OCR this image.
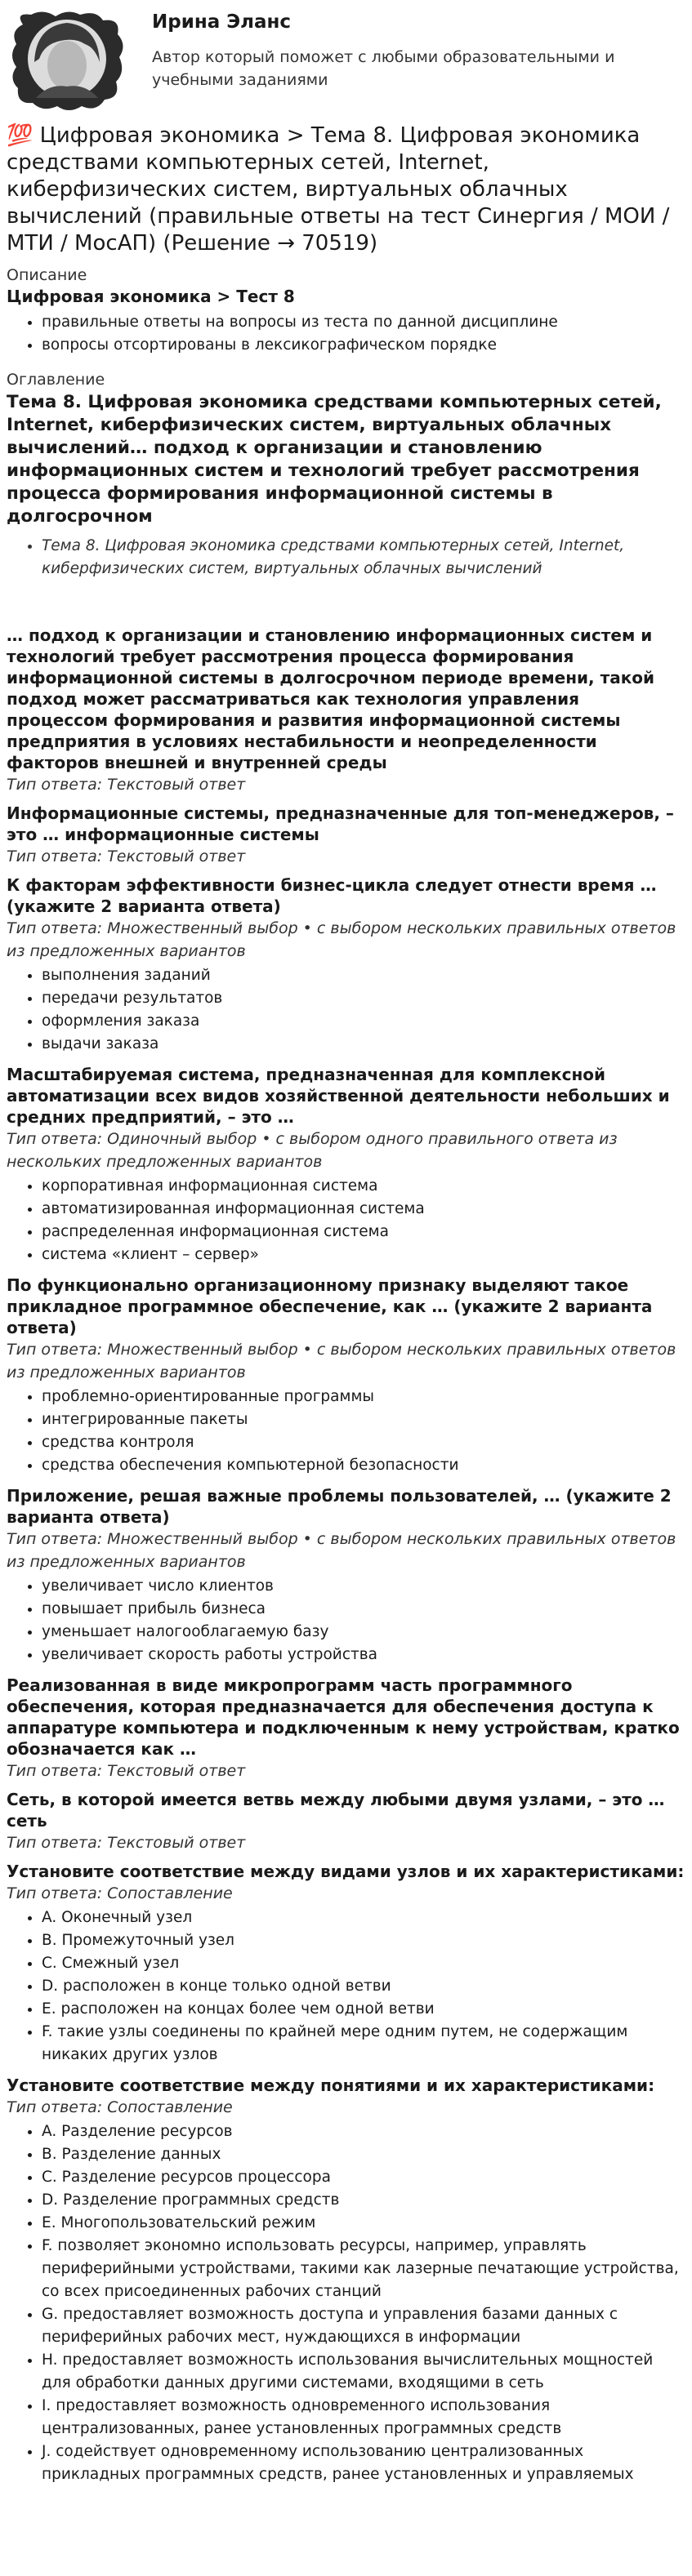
Ирина Эланс

Автор который поможет с любыми образовательными и учебными заданиями

💯 Цифровая экономика > Тема 8. Цифровая экономика средствами компьютерных сетей, Internet, киберфизических систем, виртуальных облачных вычислений (правильные ответы на тест Синергия / МОИ / МТИ / МосАП) (Решение → 70519)

Описание

Цифровая экономика > Тест 8

• правильные ответы на вопросы из теста по данной дисциплине
• вопросы отсортированы в лексикографическом порядке

Оглавление

Тема 8. Цифровая экономика средствами компьютерных сетей, Internet, киберфизических систем, виртуальных облачных вычислений… подход к организации и становлению информационных систем и технологий требует рассмотрения процесса формирования информационной системы в долгосрочном

• Тема 8. Цифровая экономика средствами компьютерных сетей, Internet, киберфизических систем, виртуальных облачных вычислений

… подход к организации и становлению информационных систем и технологий требует рассмотрения процесса формирования информационной системы в долгосрочном периоде времени, такой подход может рассматриваться как технология управления процессом формирования и развития информационной системы предприятия в условиях нестабильности и неопределенности факторов внешней и внутренней среды

Тип ответа: Текстовый ответ

Информационные системы, предназначенные для топ-менеджеров, – это … информационные системы

Тип ответа: Текстовый ответ

К факторам эффективности бизнес-цикла следует отнести время … (укажите 2 варианта ответа)

Тип ответа: Множественный выбор • с выбором нескольких правильных ответов из предложенных вариантов

• выполнения заданий
• передачи результатов
• оформления заказа
• выдачи заказа

Масштабируемая система, предназначенная для комплексной автоматизации всех видов хозяйственной деятельности небольших и средних предприятий, – это …

Тип ответа: Одиночный выбор • с выбором одного правильного ответа из нескольких предложенных вариантов

• корпоративная информационная система
• автоматизированная информационная система
• распределенная информационная система
• система «клиент – сервер»

По функционально организационному признаку выделяют такое прикладное программное обеспечение, как … (укажите 2 варианта ответа)

Тип ответа: Множественный выбор • с выбором нескольких правильных ответов из предложенных вариантов

• проблемно-ориентированные программы
• интегрированные пакеты
• средства контроля
• средства обеспечения компьютерной безопасности

Приложение, решая важные проблемы пользователей, … (укажите 2 варианта ответа)

Тип ответа: Множественный выбор • с выбором нескольких правильных ответов из предложенных вариантов

• увеличивает число клиентов
• повышает прибыль бизнеса
• уменьшает налогооблагаемую базу
• увеличивает скорость работы устройства

Реализованная в виде микропрограмм часть программного обеспечения, которая предназначается для обеспечения доступа к аппаратуре компьютера и подключенным к нему устройствам, кратко обозначается как …

Тип ответа: Текстовый ответ

Сеть, в которой имеется ветвь между любыми двумя узлами, – это … сеть

Тип ответа: Текстовый ответ

Установите соответствие между видами узлов и их характеристиками:

Тип ответа: Сопоставление

• A. Оконечный узел
• B. Промежуточный узел
• C. Смежный узел
• D. расположен в конце только одной ветви
• E. расположен на концах более чем одной ветви
• F. такие узлы соединены по крайней мере одним путем, не содержащим никаких других узлов

Установите соответствие между понятиями и их характеристиками:

Тип ответа: Сопоставление

• A. Разделение ресурсов
• B. Разделение данных
• C. Разделение ресурсов процессора
• D. Разделение программных средств
• E. Многопользовательский режим
• F. позволяет экономно использовать ресурсы, например, управлять периферийными устройствами, такими как лазерные печатающие устройства, со всех присоединенных рабочих станций
• G. предоставляет возможность доступа и управления базами данных с периферийных рабочих мест, нуждающихся в информации
• H. предоставляет возможность использования вычислительных мощностей для обработки данных другими системами, входящими в сеть
• I. предоставляет возможность одновременного использования централизованных, ранее установленных программных средств
• J. содействует одновременному использованию централизованных прикладных программных средств, ранее установленных и управляемых
